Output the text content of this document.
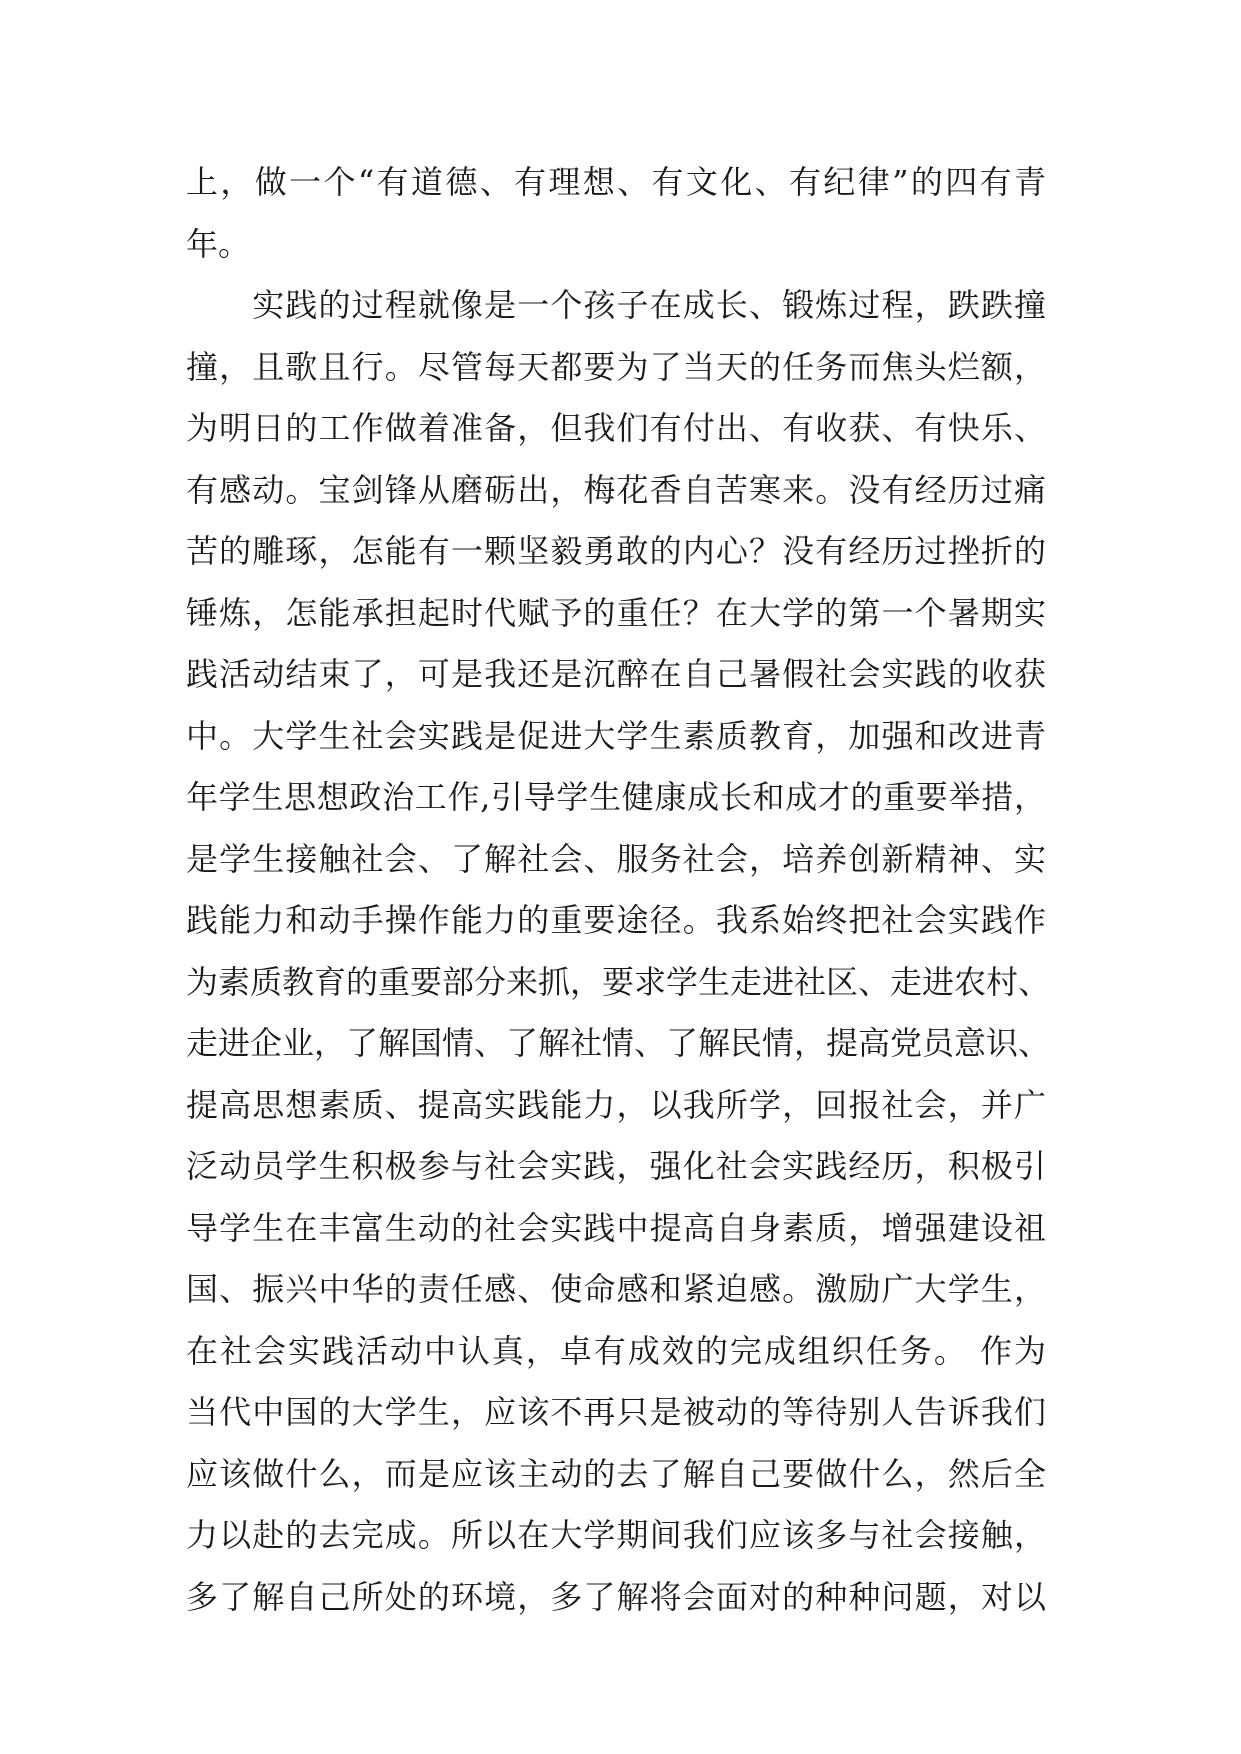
上，做一个“有道德、有理想、有文化、有纪律”的四有青
年。
　　实践的过程就像是一个孩子在成长、锻炼过程，跌跌撞
撞，且歌且行。尽管每天都要为了当天的任务而焦头烂额，
为明日的工作做着准备，但我们有付出、有收获、有快乐、
有感动。宝剑锋从磨砺出，梅花香自苦寒来。没有经历过痛
苦的雕琢，怎能有一颗坚毅勇敢的内心？没有经历过挫折的
锤炼，怎能承担起时代赋予的重任？在大学的第一个暑期实
践活动结束了，可是我还是沉醉在自己暑假社会实践的收获
中。大学生社会实践是促进大学生素质教育，加强和改进青
年学生思想政治工作,引导学生健康成长和成才的重要举措，
是学生接触社会、了解社会、服务社会，培养创新精神、实
践能力和动手操作能力的重要途径。我系始终把社会实践作
为素质教育的重要部分来抓，要求学生走进社区、走进农村、
走进企业，了解国情、了解社情、了解民情，提高党员意识、
提高思想素质、提高实践能力，以我所学，回报社会，并广
泛动员学生积极参与社会实践，强化社会实践经历，积极引
导学生在丰富生动的社会实践中提高自身素质，增强建设祖
国、振兴中华的责任感、使命感和紧迫感。激励广大学生，
在社会实践活动中认真，卓有成效的完成组织任务。 作为
当代中国的大学生，应该不再只是被动的等待别人告诉我们
应该做什么，而是应该主动的去了解自己要做什么，然后全
力以赴的去完成。所以在大学期间我们应该多与社会接触，
多了解自己所处的环境，多了解将会面对的种种问题，对以
